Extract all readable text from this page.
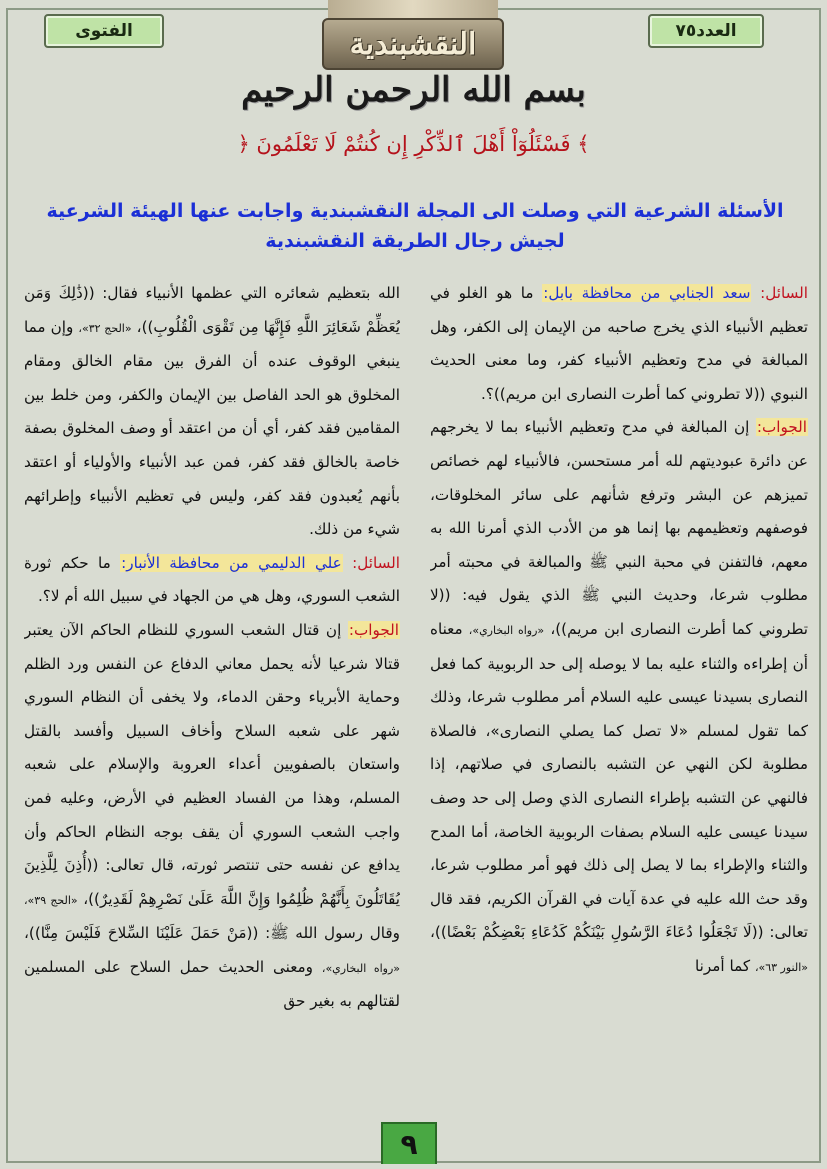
الفتوى	العدد٧٥
النقشبندية
بسم الله الرحمن الرحيم
﴿ فَسْئَلُوٓاْ أَهْلَ ٱلذِّكْرِ إِن كُنتُمْ لَا تَعْلَمُونَ ﴾
الأسئلة الشرعية التي وصلت الى المجلة النقشبندية واجابت عنها الهيئة الشرعية
لجيش رجال الطريقة النقشبندية

السائل: سعد الجنابي من محافظة بابل: ما هو الغلو في تعظيم الأنبياء الذي يخرج صاحبه من الإيمان إلى الكفر، وهل المبالغة في مدح وتعظيم الأنبياء كفر، وما معنى الحديث النبوي ((لا تطروني كما أطرت النصارى ابن مريم))؟.

الجواب: إن المبالغة في مدح وتعظيم الأنبياء بما لا يخرجهم عن دائرة عبوديتهم لله أمر مستحسن، فالأنبياء لهم خصائص تميزهم عن البشر وترفع شأنهم على سائر المخلوقات، فوصفهم وتعظيمهم بها إنما هو من الأدب الذي أمرنا الله به معهم، فالتفنن في محبة النبي ﷺ والمبالغة في محبته أمر مطلوب شرعا، وحديث النبي ﷺ الذي يقول فيه: ((لا تطروني كما أطرت النصارى ابن مريم))، «رواه البخاري»، معناه أن إطراءه والثناء عليه بما لا يوصله إلى حد الربوبية كما فعل النصارى بسيدنا عيسى عليه السلام أمر مطلوب شرعا، وذلك كما تقول لمسلم «لا تصل كما يصلي النصارى»، فالصلاة مطلوبة لكن النهي عن التشبه بالنصارى في صلاتهم، إذا فالنهي عن التشبه بإطراء النصارى الذي وصل إلى حد وصف سيدنا عيسى عليه السلام بصفات الربوبية الخاصة، أما المدح والثناء والإطراء بما لا يصل إلى ذلك فهو أمر مطلوب شرعا، وقد حث الله عليه في عدة آيات في القرآن الكريم، فقد قال تعالى: ((لَا تَجْعَلُوا دُعَاءَ الرَّسُولِ بَيْنَكُمْ كَدُعَاءِ بَعْضِكُمْ بَعْضًا))، «النور ٦٣»، كما أمرنا

الله بتعظيم شعائره التي عظمها الأنبياء فقال: ((ذَٰلِكَ وَمَن يُعَظِّمْ شَعَائِرَ اللَّهِ فَإِنَّهَا مِن تَقْوَى الْقُلُوبِ))، «الحج ٣٢»، وإن مما ينبغي الوقوف عنده أن الفرق بين مقام الخالق ومقام المخلوق هو الحد الفاصل بين الإيمان والكفر، ومن خلط بين المقامين فقد كفر، أي أن من اعتقد أو وصف المخلوق بصفة خاصة بالخالق فقد كفر، فمن عبد الأنبياء والأولياء أو اعتقد بأنهم يُعبدون فقد كفر، وليس في تعظيم الأنبياء وإطرائهم شيء من ذلك.

السائل: علي الدليمي من محافظة الأنبار: ما حكم ثورة الشعب السوري، وهل هي من الجهاد في سبيل الله أم لا؟.

الجواب: إن قتال الشعب السوري للنظام الحاكم الآن يعتبر قتالا شرعيا لأنه يحمل معاني الدفاع عن النفس ورد الظلم وحماية الأبرياء وحقن الدماء، ولا يخفى أن النظام السوري شهر على شعبه السلاح وأخاف السبيل وأفسد بالقتل واستعان بالصفويين أعداء العروبة والإسلام على شعبه المسلم، وهذا من الفساد العظيم في الأرض، وعليه فمن واجب الشعب السوري أن يقف بوجه النظام الحاكم وأن يدافع عن نفسه حتى تنتصر ثورته، قال تعالى: ((أُذِنَ لِلَّذِينَ يُقَاتَلُونَ بِأَنَّهُمْ ظُلِمُوا وَإِنَّ اللَّهَ عَلَىٰ نَصْرِهِمْ لَقَدِيرٌ))، «الحج ٣٩»، وقال رسول الله ﷺ: ((مَنْ حَمَلَ عَلَيْنَا السِّلاحَ فَلَيْسَ مِنَّا))، «رواه البخاري»، ومعنى الحديث حمل السلاح على المسلمين لقتالهم به بغير حق

٩
